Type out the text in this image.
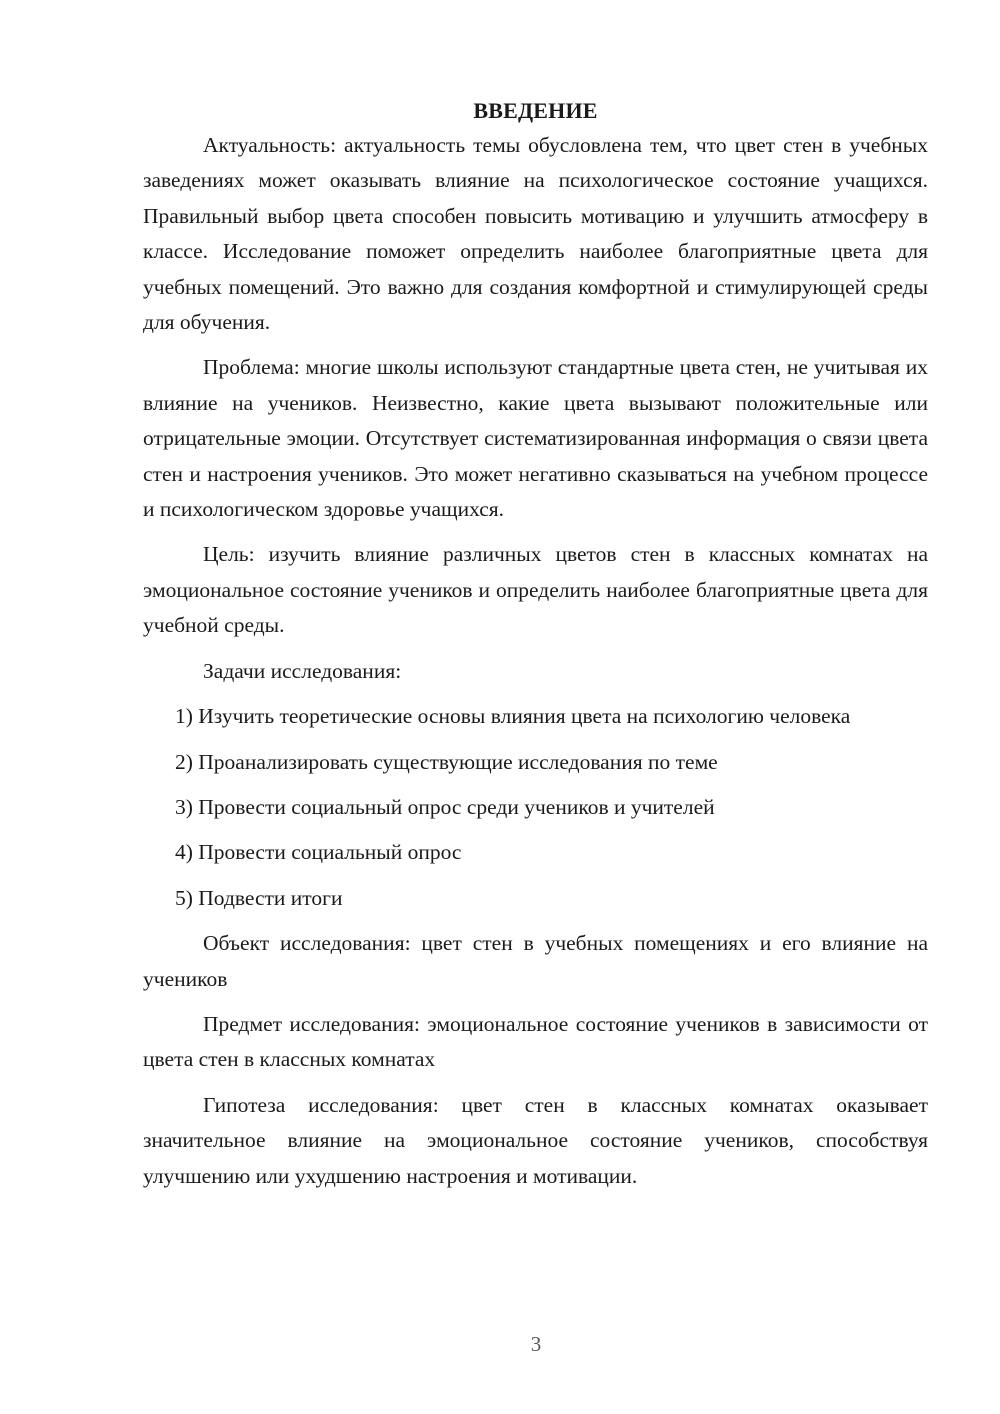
ВВЕДЕНИЕ

Актуальность: актуальность темы обусловлена тем, что цвет стен в учебных заведениях может оказывать влияние на психологическое состояние учащихся. Правильный выбор цвета способен повысить мотивацию и улучшить атмосферу в классе. Исследование поможет определить наиболее благоприятные цвета для учебных помещений. Это важно для создания комфортной и стимулирующей среды для обучения.

Проблема: многие школы используют стандартные цвета стен, не учитывая их влияние на учеников. Неизвестно, какие цвета вызывают положительные или отрицательные эмоции. Отсутствует систематизированная информация о связи цвета стен и настроения учеников. Это может негативно сказываться на учебном процессе и психологическом здоровье учащихся.

Цель: изучить влияние различных цветов стен в классных комнатах на эмоциональное состояние учеников и определить наиболее благоприятные цвета для учебной среды.

Задачи исследования:

1) Изучить теоретические основы влияния цвета на психологию человека

2) Проанализировать существующие исследования по теме

3) Провести социальный опрос среди учеников и учителей

4) Провести социальный опрос

5) Подвести итоги

Объект исследования: цвет стен в учебных помещениях и его влияние на учеников

Предмет исследования: эмоциональное состояние учеников в зависимости от цвета стен в классных комнатах

Гипотеза исследования: цвет стен в классных комнатах оказывает значительное влияние на эмоциональное состояние учеников, способствуя улучшению или ухудшению настроения и мотивации.

3
